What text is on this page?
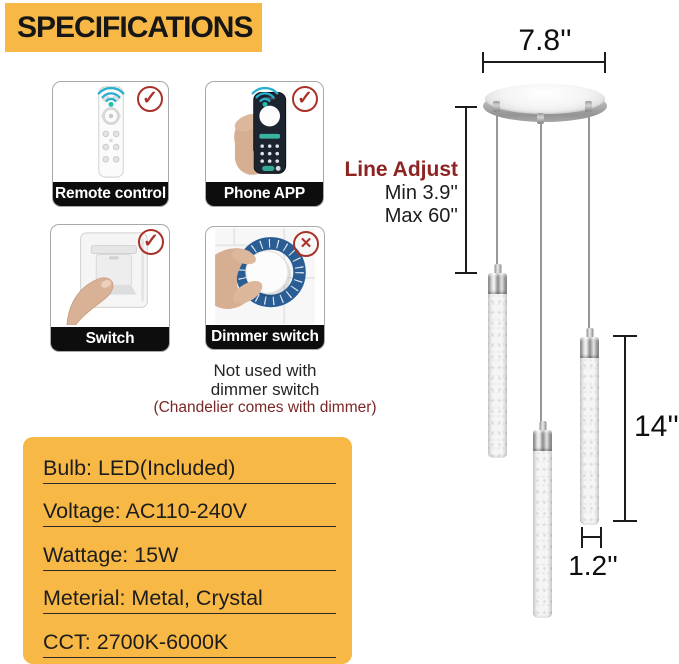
SPECIFICATIONS
✓
Remote control
✓
Phone APP
✓
Switch
✕
Dimmer switch
Not used with
dimmer switch
(Chandelier comes with dimmer)
Bulb: LED(Included)
Voltage: AC110-240V
Wattage: 15W
Meterial: Metal, Crystal
CCT: 2700K-6000K
7.8''
Line Adjust
Min 3.9''
Max 60''
14''
1.2''
